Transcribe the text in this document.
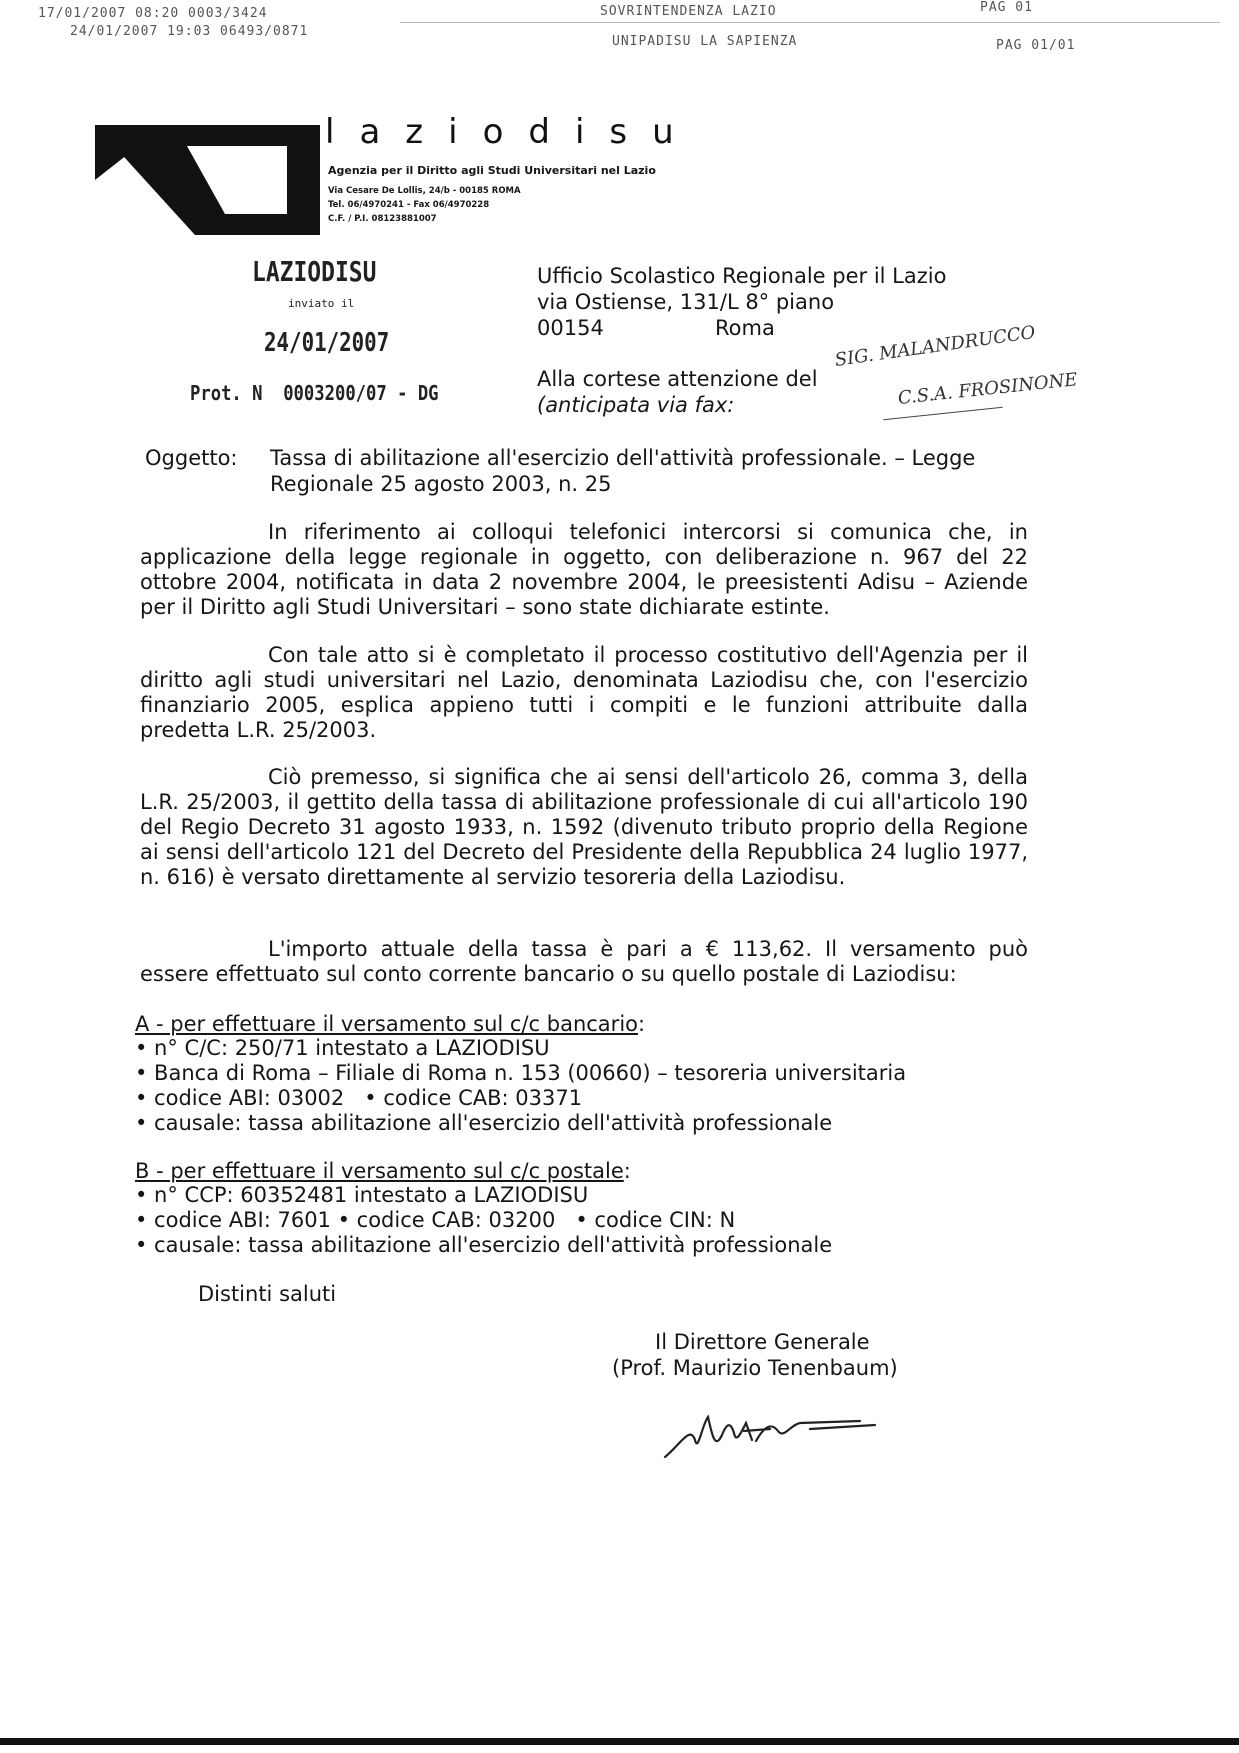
17/01/2007 08:20 0003/3424
24/01/2007 19:03 06493/0871
SOVRINTENDENZA LAZIO
UNIPADISU LA SAPIENZA
PAG 01
PAG 01/01
laziodisu
Agenzia per il Diritto agli Studi Universitari nel Lazio
Via Cesare De Lollis, 24/b - 00185 ROMA
Tel. 06/4970241 - Fax 06/4970228
C.F. / P.I. 08123881007
LAZIODISU
inviato il
24/01/2007
Prot. N  0003200/07 - DG
Ufficio Scolastico Regionale per il Lazio
via Ostiense, 131/L 8° piano
00154	Roma
Alla cortese attenzione del
(anticipata via fax:
SIG. MALANDRUCCO
C.S.A. FROSINONE
Oggetto: Tassa di abilitazione all'esercizio dell'attività professionale. – Legge
Regionale 25 agosto 2003, n. 25
In riferimento ai colloqui telefonici intercorsi si comunica che, in applicazione della legge regionale in oggetto, con deliberazione n. 967 del 22 ottobre 2004, notificata in data 2 novembre 2004, le preesistenti Adisu – Aziende per il Diritto agli Studi Universitari – sono state dichiarate estinte.
Con tale atto si è completato il processo costitutivo dell'Agenzia per il diritto agli studi universitari nel Lazio, denominata Laziodisu che, con l'esercizio finanziario 2005, esplica appieno tutti i compiti e le funzioni attribuite dalla predetta L.R. 25/2003.
Ciò premesso, si significa che ai sensi dell'articolo 26, comma 3, della L.R. 25/2003, il gettito della tassa di abilitazione professionale di cui all'articolo 190 del Regio Decreto 31 agosto 1933, n. 1592 (divenuto tributo proprio della Regione ai sensi dell'articolo 121 del Decreto del Presidente della Repubblica 24 luglio 1977, n. 616) è versato direttamente al servizio tesoreria della Laziodisu.
L'importo attuale della tassa è pari a € 113,62. Il versamento può essere effettuato sul conto corrente bancario o su quello postale di Laziodisu:
A - per effettuare il versamento sul c/c bancario:
• n° C/C: 250/71 intestato a LAZIODISU
• Banca di Roma – Filiale di Roma n. 153 (00660) – tesoreria universitaria
• codice ABI: 03002   • codice CAB: 03371
• causale: tassa abilitazione all'esercizio dell'attività professionale
B - per effettuare il versamento sul c/c postale:
• n° CCP: 60352481 intestato a LAZIODISU
• codice ABI: 7601 • codice CAB: 03200   • codice CIN: N
• causale: tassa abilitazione all'esercizio dell'attività professionale
Distinti saluti
Il Direttore Generale
(Prof. Maurizio Tenenbaum)
